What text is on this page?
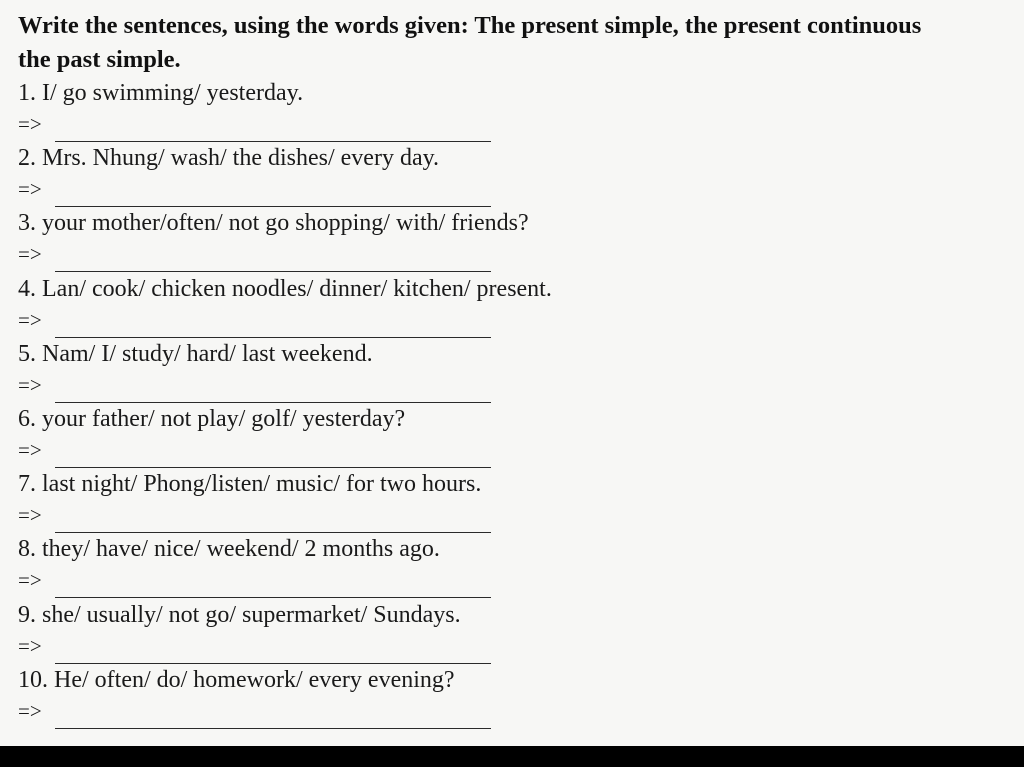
Write the sentences, using the words given: The present simple, the present continuous
the past simple.
1. I/ go swimming/ yesterday.
=>
2. Mrs. Nhung/ wash/ the dishes/ every day.
=>
3. your mother/often/ not go shopping/ with/ friends?
=>
4. Lan/ cook/ chicken noodles/ dinner/ kitchen/ present.
=>
5. Nam/ I/ study/ hard/ last weekend.
=>
6. your father/ not play/ golf/ yesterday?
=>
7. last night/ Phong/listen/ music/ for two hours.
=>
8. they/ have/ nice/ weekend/ 2 months ago.
=>
9. she/ usually/ not go/ supermarket/ Sundays.
=>
10. He/ often/ do/ homework/ every evening?
=>
